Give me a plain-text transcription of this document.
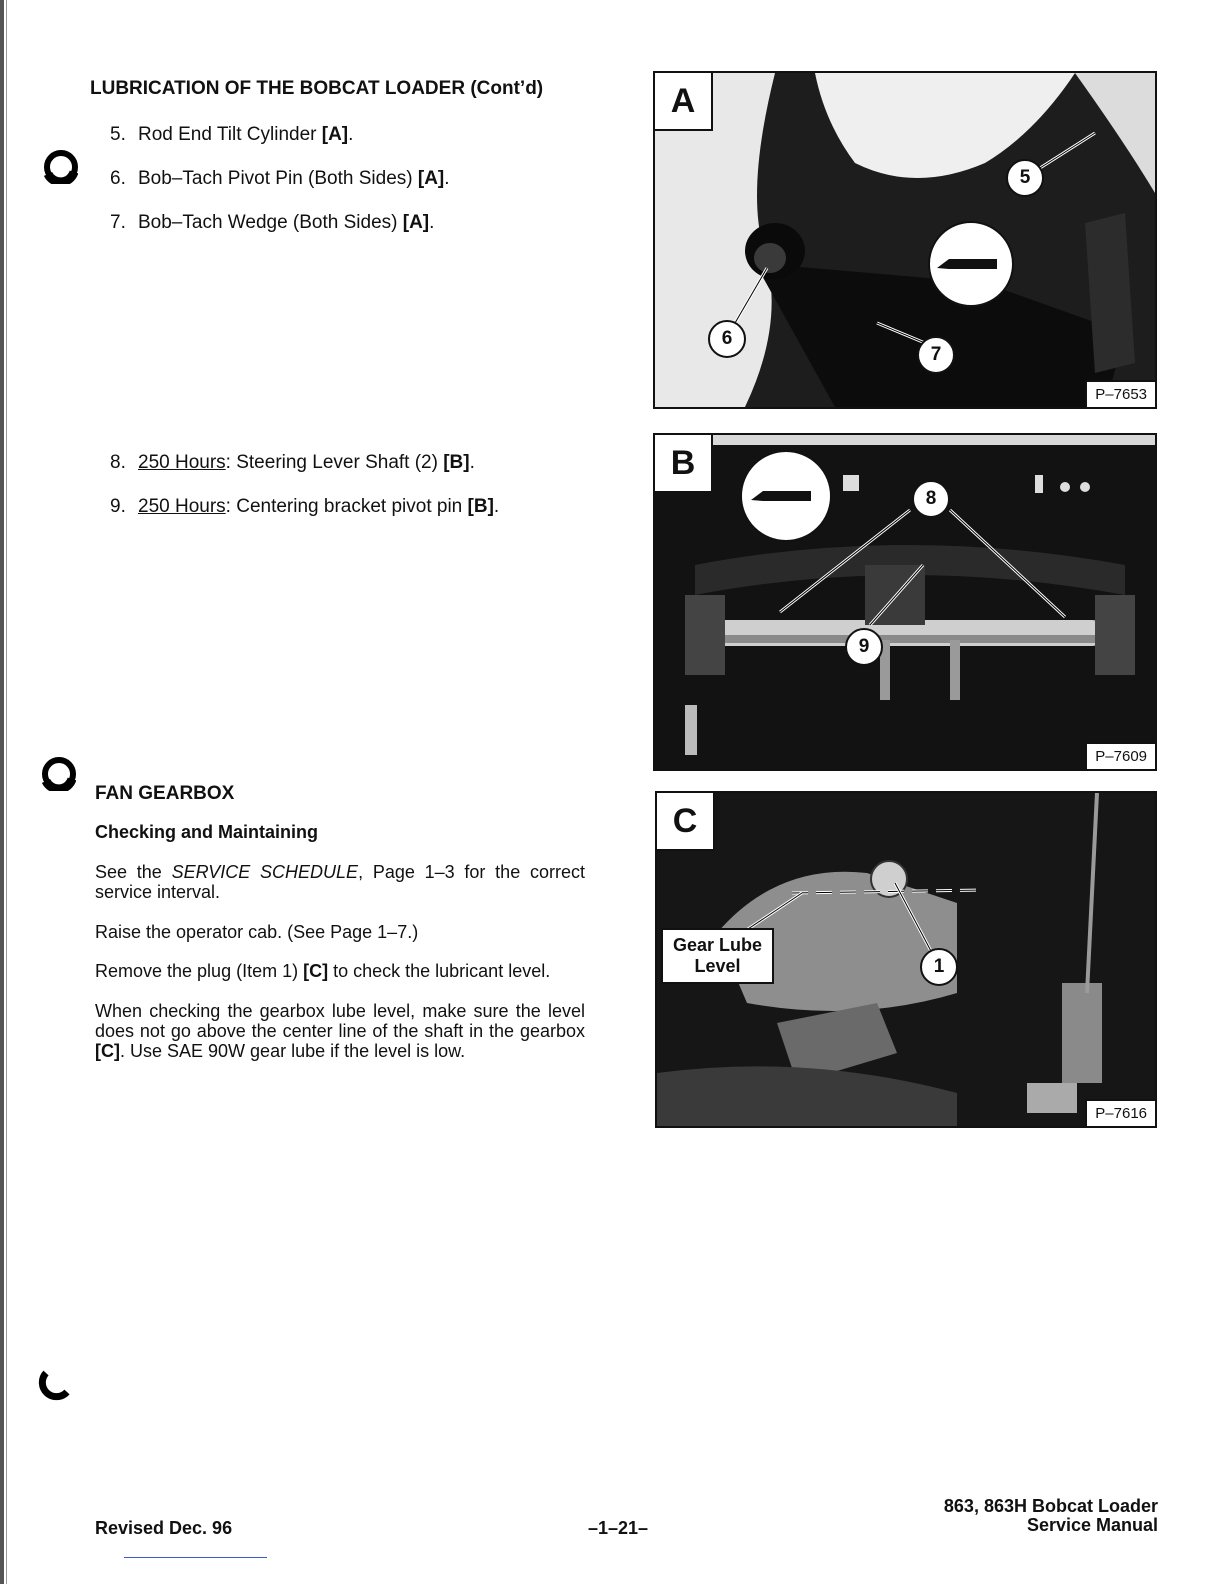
LUBRICATION OF THE BOBCAT LOADER (Cont’d)
5. Rod End Tilt Cylinder [A].
6. Bob–Tach Pivot Pin (Both Sides) [A].
7. Bob–Tach Wedge (Both Sides) [A].
8. 250 Hours: Steering Lever Shaft (2) [B].
9. 250 Hours: Centering bracket pivot pin [B].
FAN GEARBOX
Checking and Maintaining
See the SERVICE SCHEDULE, Page 1–3 for the correct service interval.
Raise the operator cab. (See Page 1–7.)
Remove the plug (Item 1) [C] to check the lubricant level.
When checking the gearbox lube level, make sure the level does not go above the center line of the shaft in the gearbox [C]. Use SAE 90W gear lube if the level is low.
A
5
6
7
P–7653
B
8
9
P–7609
C
Gear Lube
Level	1
P–7616
Revised Dec. 96	–1–21–
863, 863H Bobcat Loader
Service Manual
